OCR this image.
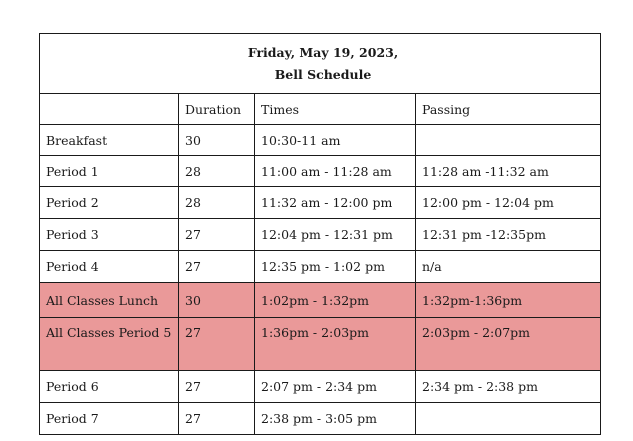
Friday, May 19, 2023,
Bell Schedule			

	Duration	Times	Passing
Breakfast	30	10:30-11 am	
Period 1	28	11:00 am - 11:28 am	11:28 am -11:32 am
Period 2	28	11:32 am - 12:00 pm	12:00 pm - 12:04 pm
Period 3	27	12:04 pm - 12:31 pm	12:31 pm -12:35pm
Period 4	27	12:35 pm - 1:02 pm	n/a
All Classes Lunch	30	1:02pm - 1:32pm	1:32pm-1:36pm
All Classes Period 5	27	1:36pm - 2:03pm	2:03pm - 2:07pm
Period 6	27	2:07 pm - 2:34 pm	2:34 pm - 2:38 pm
Period 7	27	2:38 pm - 3:05 pm	
